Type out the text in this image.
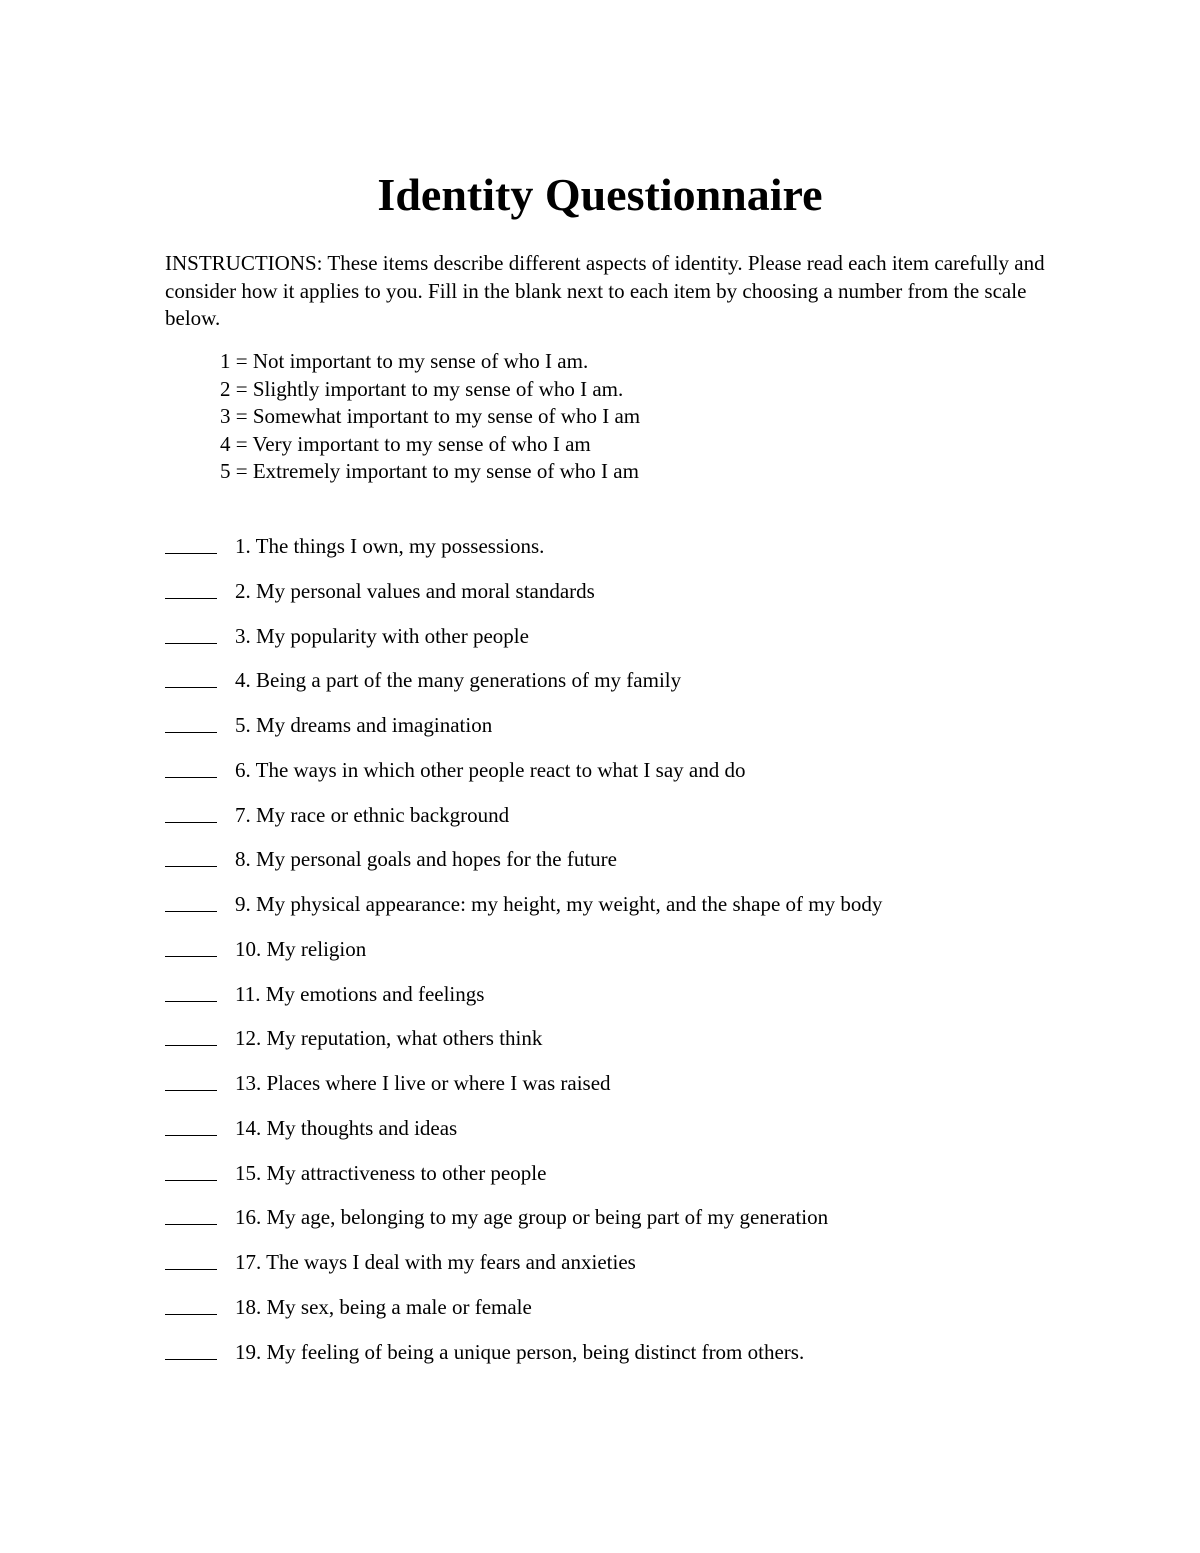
Identity Questionnaire

INSTRUCTIONS: These items describe different aspects of identity. Please read each item carefully and consider how it applies to you. Fill in the blank next to each item by choosing a number from the scale below.

1 = Not important to my sense of who I am.
2 = Slightly important to my sense of who I am.
3 = Somewhat important to my sense of who I am
4 = Very important to my sense of who I am
5 = Extremely important to my sense of who I am
1. The things I own, my possessions.
2. My personal values and moral standards
3. My popularity with other people
4. Being a part of the many generations of my family
5. My dreams and imagination
6. The ways in which other people react to what I say and do
7. My race or ethnic background
8. My personal goals and hopes for the future
9. My physical appearance: my height, my weight, and the shape of my body
10. My religion
11. My emotions and feelings
12. My reputation, what others think
13. Places where I live or where I was raised
14. My thoughts and ideas
15. My attractiveness to other people
16. My age, belonging to my age group or being part of my generation
17. The ways I deal with my fears and anxieties
18. My sex, being a male or female
19. My feeling of being a unique person, being distinct from others.
